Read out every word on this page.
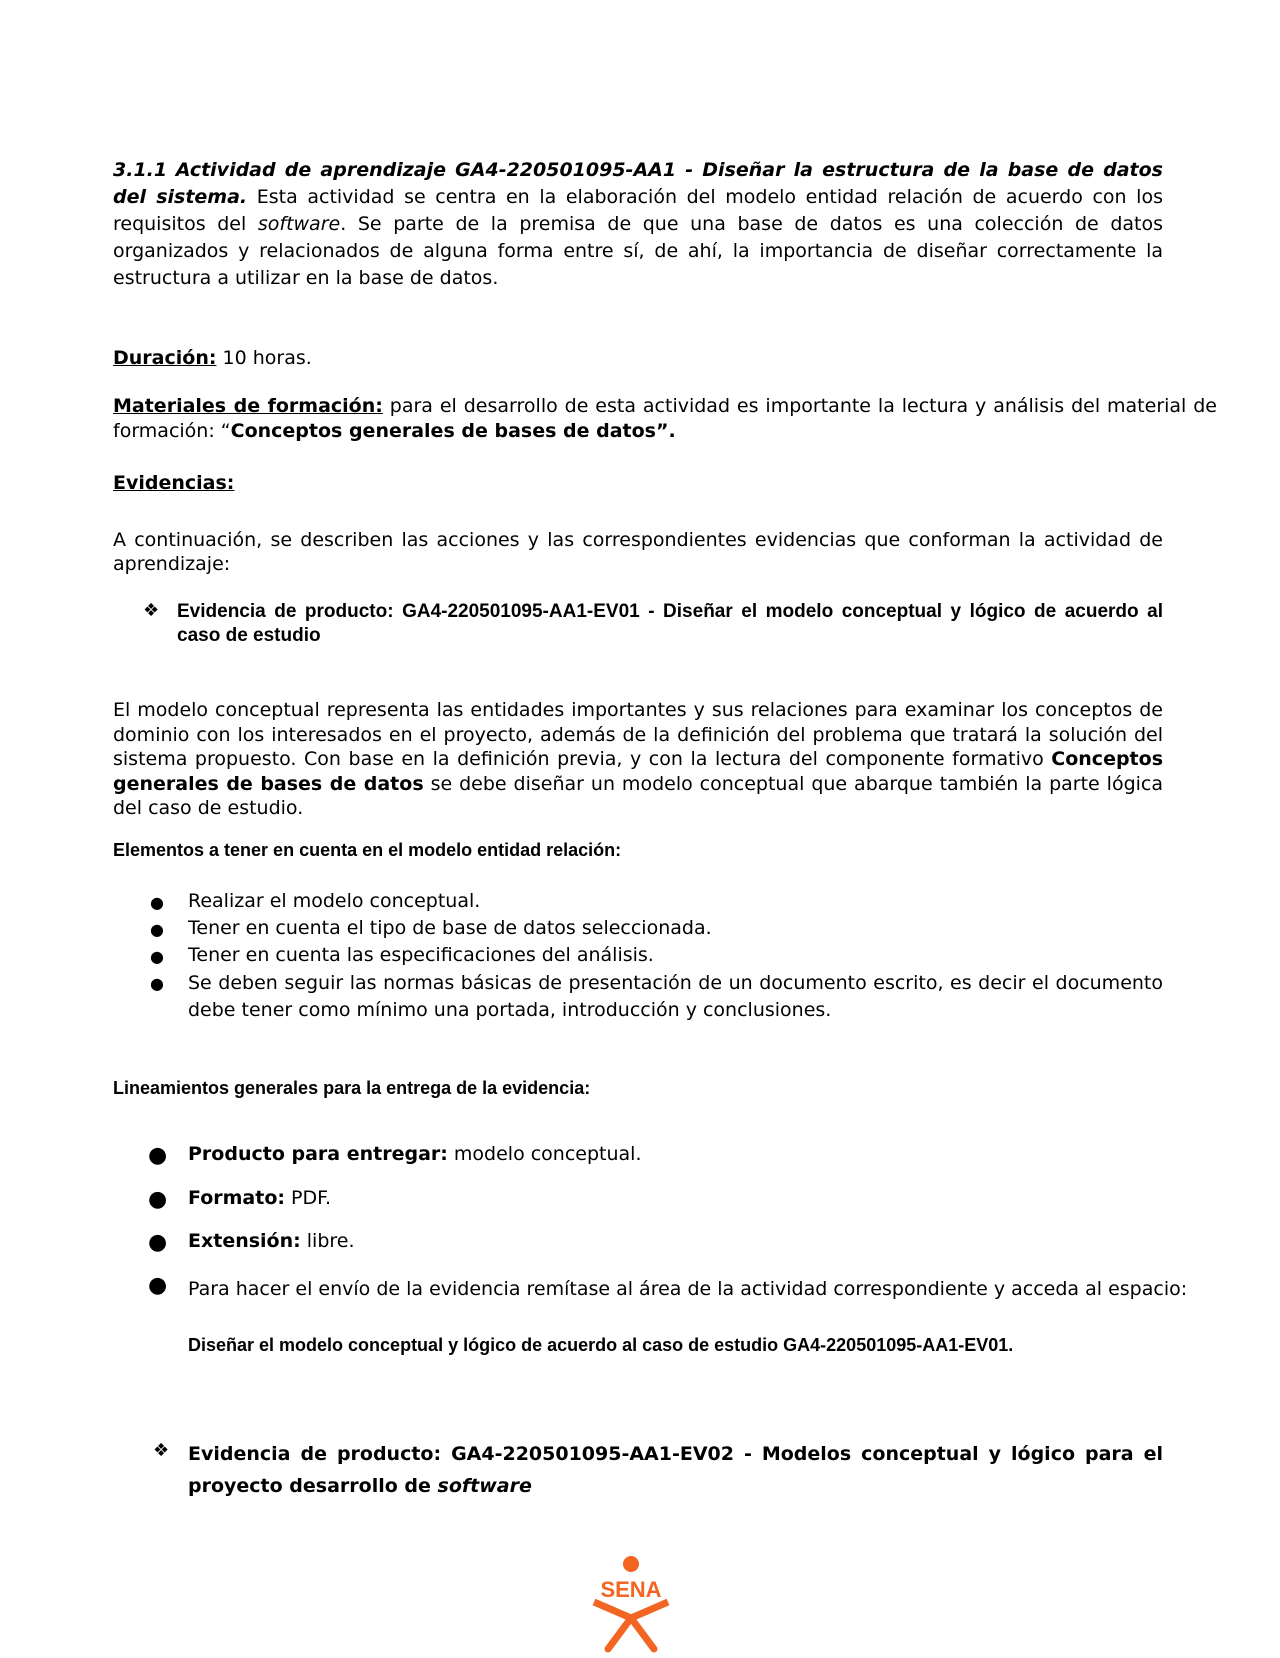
3.1.1 Actividad de aprendizaje GA4-220501095-AA1 - Diseñar la estructura de la base de datos del sistema. Esta actividad se centra en la elaboración del modelo entidad relación de acuerdo con los requisitos del software. Se parte de la premisa de que una base de datos es una colección de datos organizados y relacionados de alguna forma entre sí, de ahí, la importancia de diseñar correctamente la estructura a utilizar en la base de datos.
Duración: 10 horas.
Materiales de formación: para el desarrollo de esta actividad es importante la lectura y análisis del material de formación: “Conceptos generales de bases de datos”.
Evidencias:
A continuación, se describen las acciones y las correspondientes evidencias que conforman la actividad de aprendizaje:
❖ Evidencia de producto: GA4-220501095-AA1-EV01 - Diseñar el modelo conceptual y lógico de acuerdo al caso de estudio
El modelo conceptual representa las entidades importantes y sus relaciones para examinar los conceptos de dominio con los interesados en el proyecto, además de la definición del problema que tratará la solución del sistema propuesto. Con base en la definición previa, y con la lectura del componente formativo Conceptos generales de bases de datos se debe diseñar un modelo conceptual que abarque también la parte lógica del caso de estudio.
Elementos a tener en cuenta en el modelo entidad relación:
● Realizar el modelo conceptual.
● Tener en cuenta el tipo de base de datos seleccionada.
● Tener en cuenta las especificaciones del análisis.
● Se deben seguir las normas básicas de presentación de un documento escrito, es decir el documento debe tener como mínimo una portada, introducción y conclusiones.
Lineamientos generales para la entrega de la evidencia:
● Producto para entregar: modelo conceptual.
● Formato: PDF.
● Extensión: libre.
● Para hacer el envío de la evidencia remítase al área de la actividad correspondiente y acceda al espacio:
Diseñar el modelo conceptual y lógico de acuerdo al caso de estudio GA4-220501095-AA1-EV01.
❖ Evidencia de producto: GA4-220501095-AA1-EV02 - Modelos conceptual y lógico para el proyecto desarrollo de software
SENA
